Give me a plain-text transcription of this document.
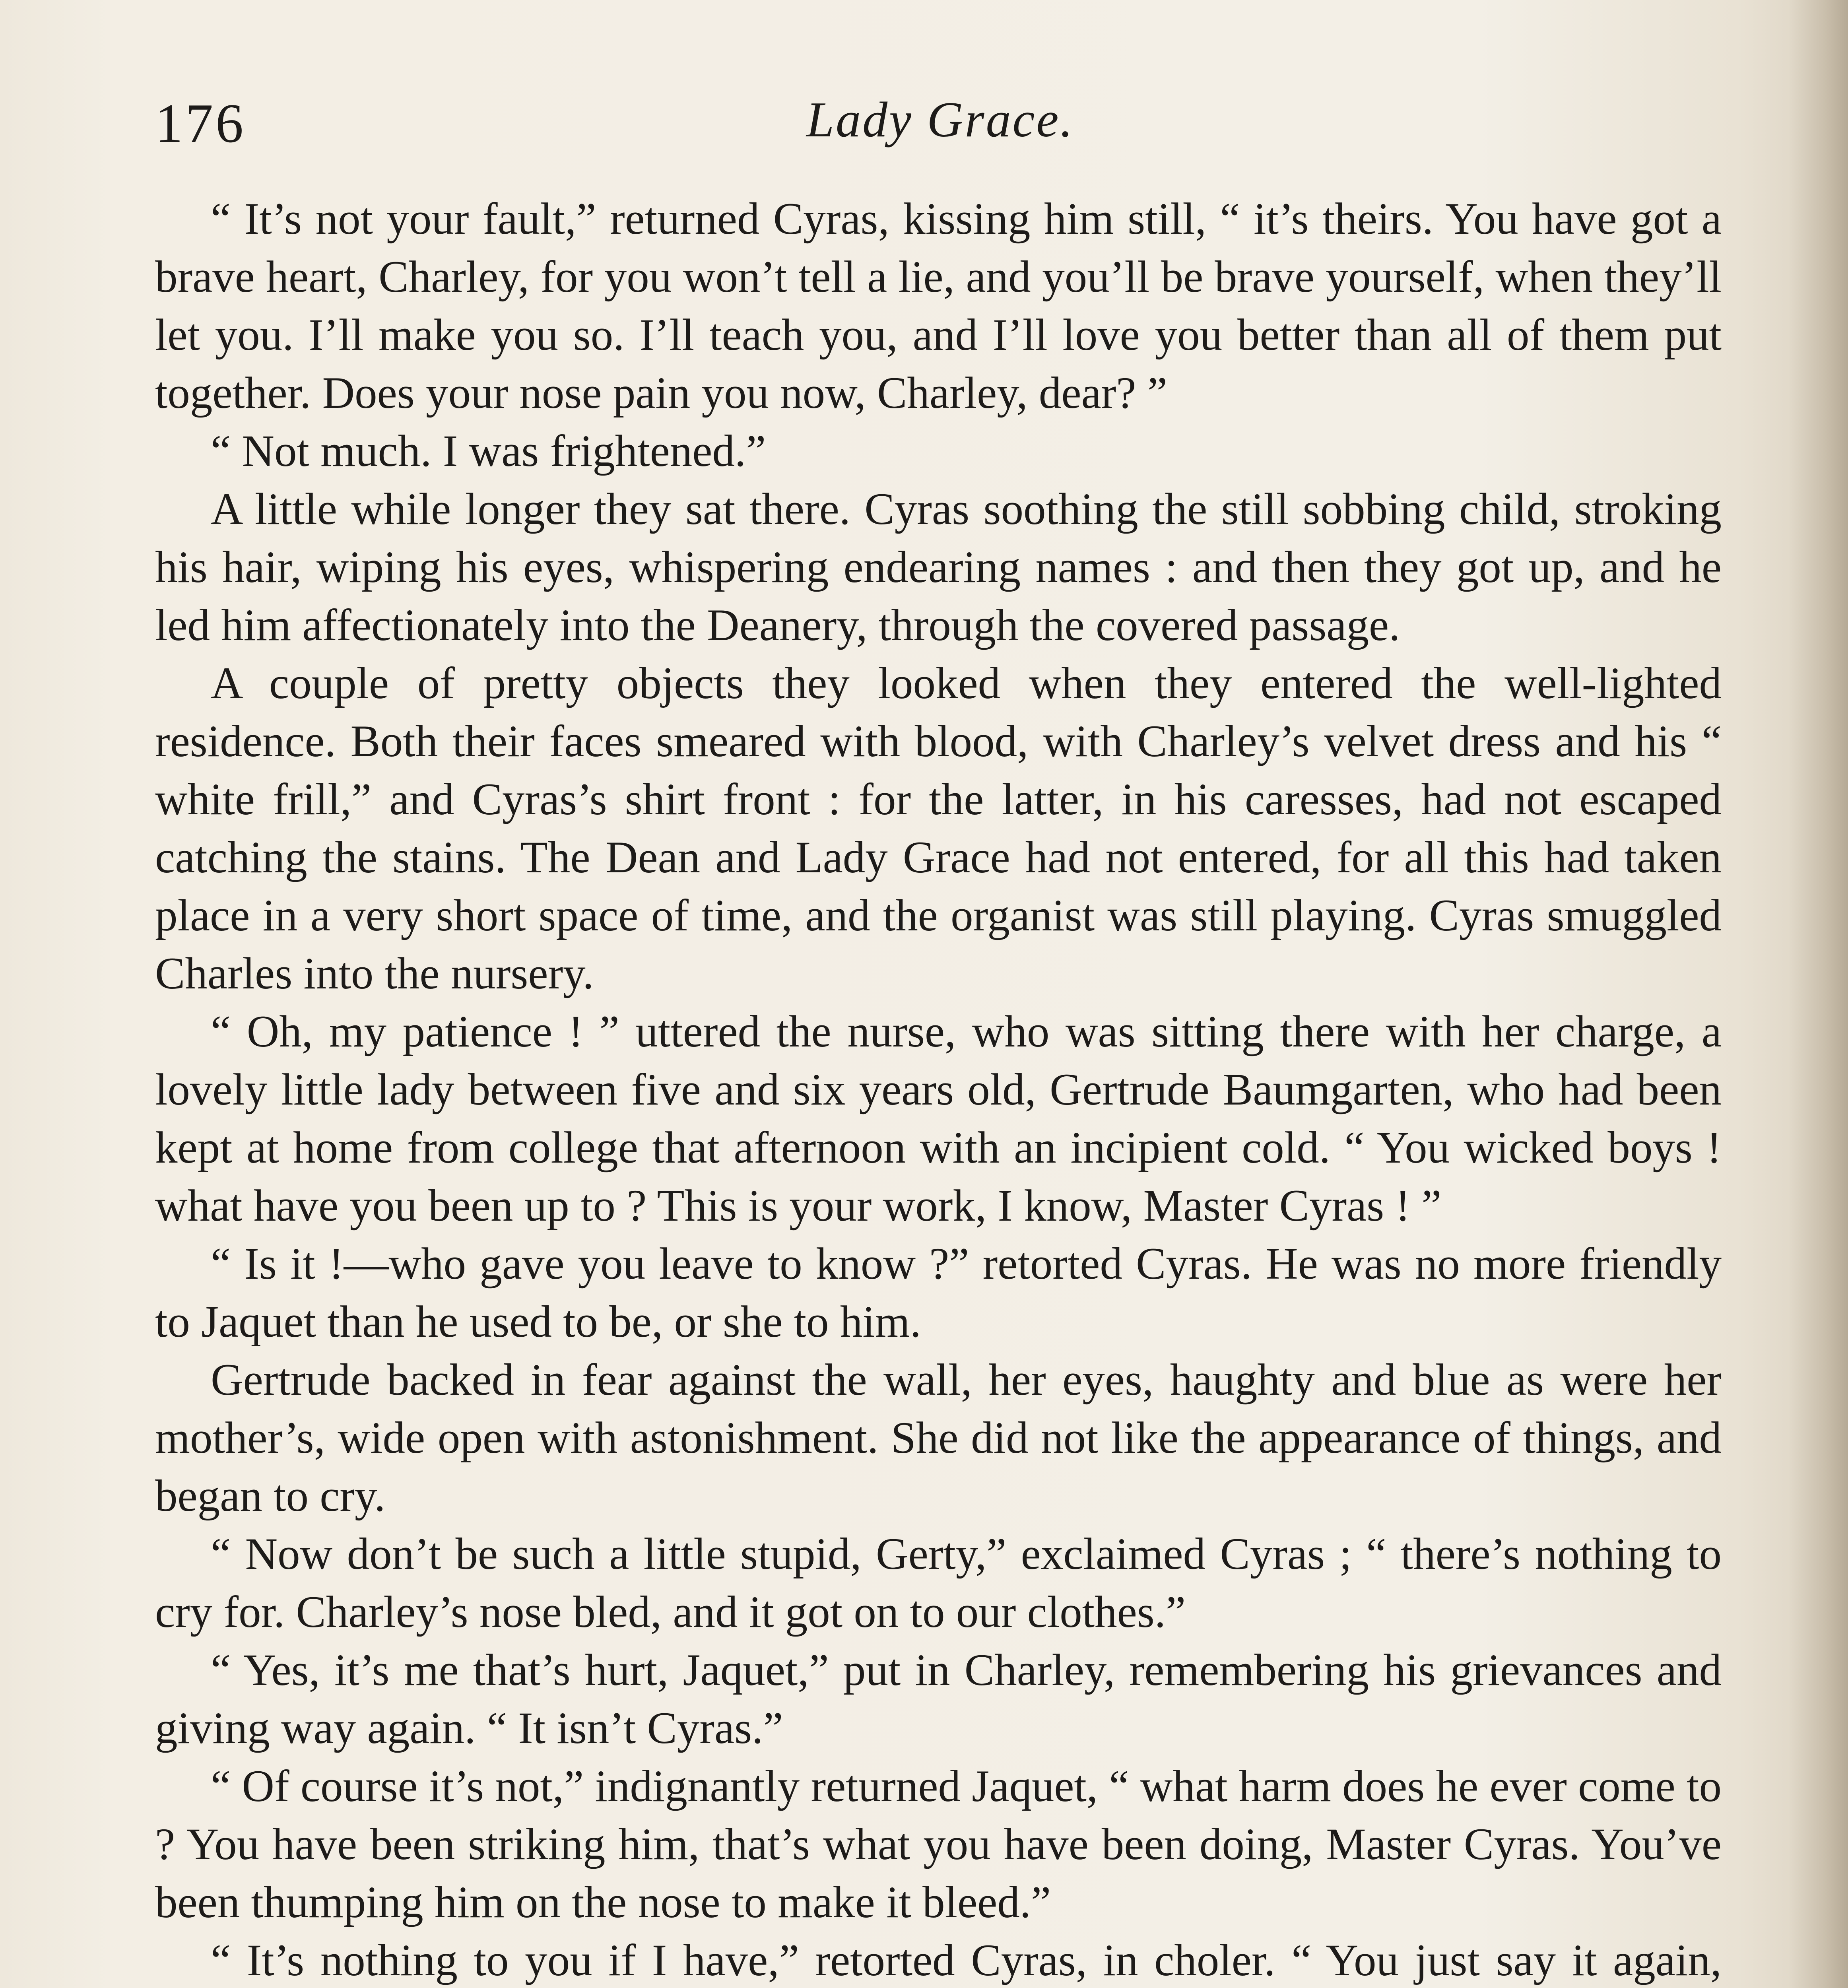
176	Lady Grace.

“ It’s not your fault,” returned Cyras, kissing him still, “ it’s theirs. You have got a brave heart, Charley, for you won’t tell a lie, and you’ll be brave yourself, when they’ll let you. I’ll make you so. I’ll teach you, and I’ll love you better than all of them put together. Does your nose pain you now, Charley, dear? ”

“ Not much. I was frightened.”

A little while longer they sat there. Cyras soothing the still sobbing child, stroking his hair, wiping his eyes, whispering endearing names : and then they got up, and he led him affectionately into the Deanery, through the covered passage.

A couple of pretty objects they looked when they entered the well-lighted residence. Both their faces smeared with blood, with Charley’s velvet dress and his “ white frill,” and Cyras’s shirt front : for the latter, in his caresses, had not escaped catching the stains. The Dean and Lady Grace had not entered, for all this had taken place in a very short space of time, and the organist was still playing. Cyras smuggled Charles into the nursery.

“ Oh, my patience ! ” uttered the nurse, who was sitting there with her charge, a lovely little lady between five and six years old, Gertrude Baumgarten, who had been kept at home from college that afternoon with an incipient cold. “ You wicked boys ! what have you been up to ? This is your work, I know, Master Cyras ! ”

“ Is it !—who gave you leave to know ?” retorted Cyras. He was no more friendly to Jaquet than he used to be, or she to him.

Gertrude backed in fear against the wall, her eyes, haughty and blue as were her mother’s, wide open with astonishment. She did not like the appearance of things, and began to cry.

“ Now don’t be such a little stupid, Gerty,” exclaimed Cyras ; “ there’s nothing to cry for. Charley’s nose bled, and it got on to our clothes.”

“ Yes, it’s me that’s hurt, Jaquet,” put in Charley, remembering his grievances and giving way again. “ It isn’t Cyras.”

“ Of course it’s not,” indignantly returned Jaquet, “ what harm does he ever come to ? You have been striking him, that’s what you have been doing, Master Cyras. You’ve been thumping him on the nose to make it bleed.”

“ It’s nothing to you if I have,” retorted Cyras, in choler. “ You just say it again,
